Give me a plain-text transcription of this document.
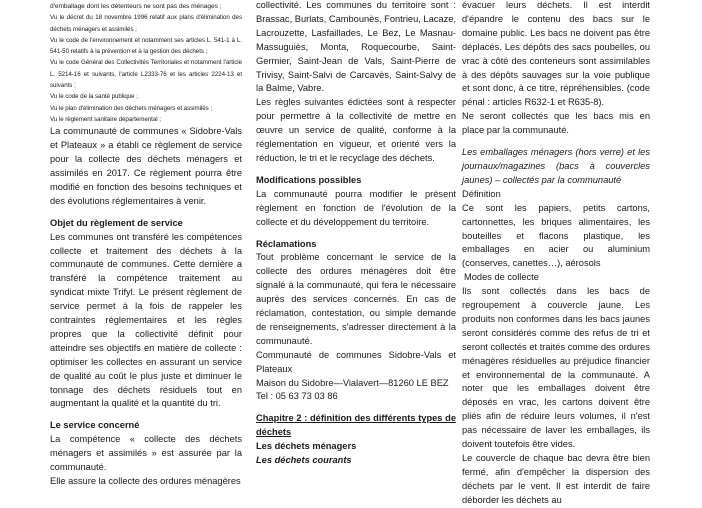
d'emballage dont les détenteurs ne sont pas des ménages ;
Vu le décret du 18 novembre 1996 relatif aux plans d'élimination des déchets ménagers et assimilés ;
Vu le code de l'environnement et notamment ses articles L. 541-1 à L. 541-50 relatifs à la prévention et à la gestion des déchets ;
Vu le code Général des Collectivités Territoriales et notamment l'article L. 5214-16 et suivants, l'article L2333-76 et les articles 2224-13 et suivants ;
Vu le code de la santé publique ;
Vu le plan d'élimination des déchets ménagers et assimilés ;
Vu le règlement sanitaire départemental ;

La communauté de communes « Sidobre-Vals et Plateaux » a établi ce règlement de service pour la collecte des déchets ménagers et assimilés en 2017. Ce règlement pourra être modifié en fonction des besoins techniques et des évolutions réglementaires à venir.

Objet du règlement de service

Les communes ont transféré les compétences collecte et traitement des déchets à la communauté de communes. Cette dernière a transféré la compétence traitement au syndicat mixte Trifyl. Le présent règlement de service permet à la fois de rappeler les contraintes réglementaires et les règles propres que la collectivité définit pour atteindre ses objectifs en matière de collecte : optimiser les collectes en assurant un service de qualité au coût le plus juste et diminuer le tonnage des déchets résiduels tout en augmentant la qualité et la quantité du tri.

Le service concerné

La compétence « collecte des déchets ménagers et assimilés » est assurée par la communauté.

Elle assure la collecte des ordures ménagères

collectivité. Les communes du territoire sont : Brassac, Burlats, Cambounès, Fontrieu, Lacaze, Lacrouzette, Lasfaillades, Le Bez, Le Masnau-Massuguiès, Monta, Roquecourbe, Saint-Germier, Saint-Jean de Vals, Saint-Pierre de Trivisy, Saint-Salvi de Carcavès, Saint-Salvy de la Balme, Vabre.

Les règles suivantes édictées sont à respecter pour permettre à la collectivité de mettre en œuvre un service de qualité, conforme à la réglementation en vigueur, et orienté vers la réduction, le tri et le recyclage des déchets.

Modifications possibles

La communauté pourra modifier le présent règlement en fonction de l'évolution de la collecte et du développement du territoire.

Réclamations

Tout problème concernant le service de la collecte des ordures ménagères doit être signalé à la communauté, qui fera le nécessaire auprès des services concernés. En cas de réclamation, contestation, ou simple demande de renseignements, s'adresser directement à la communauté.

Communauté de communes Sidobre-Vals et Plateaux

Maison du Sidobre—Vialavert—81260 LE BEZ

Tel : 05 63 73 03 86

Chapitre 2 : définition des différents types de déchets

Les déchets ménagers

Les déchets courants

évacuer leurs déchets. Il est interdit d'épandre le contenu des bacs sur le domaine public. Les bacs ne doivent pas être déplacés. Les dépôts des sacs poubelles, ou vrac à côté des conteneurs sont assimilables à des dépôts sauvages sur la voie publique et sont donc, à ce titre, répréhensibles. (code pénal : articles R632-1 et R635-8).

Ne seront collectés que les bacs mis en place par la communauté.

Les emballages ménagers (hors verre) et les journaux/magazines (bacs à couvercles jaunes) – collectés par la communauté

Définition

Ce sont les papiers, petits cartons, cartonnettes, les briques alimentaires, les bouteilles et flacons plastique, les emballages en acier ou aluminium (conserves, canettes…), aérosols

Modes de collecte

Ils sont collectés dans les bacs de regroupement à couvercle jaune. Les produits non conformes dans les bacs jaunes seront considérés comme des refus de tri et seront collectés et traités comme des ordures ménagères résiduelles au préjudice financier et environnemental de la communauté. A noter que les emballages doivent être déposés en vrac, les cartons doivent être pliés afin de réduire leurs volumes, il n'est pas nécessaire de laver les emballages, ils doivent toutefois être vides.

Le couvercle de chaque bac devra être bien fermé, afin d'empêcher la dispersion des déchets par le vent. Il est interdit de faire déborder les déchets au
